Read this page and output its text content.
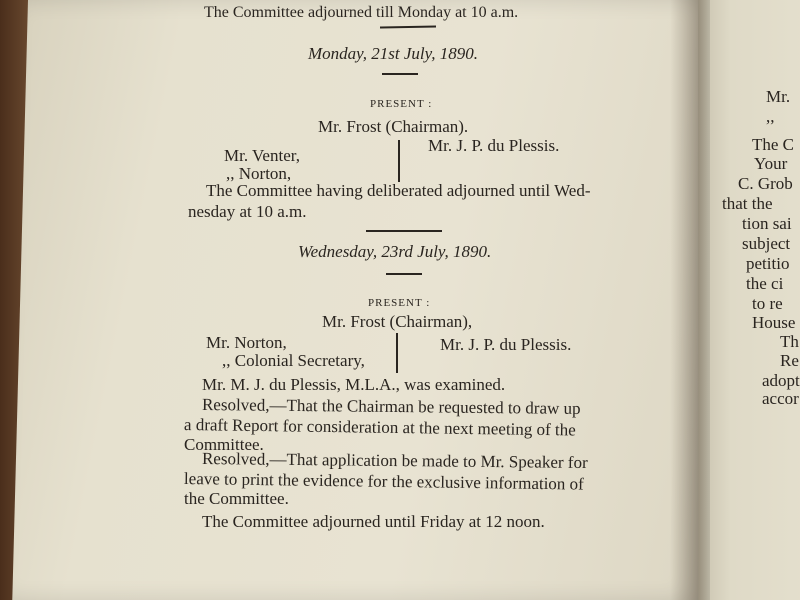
The Committee adjourned till Monday at 10 a.m.
Monday, 21st July, 1890.
PRESENT :
Mr. Frost (Chairman).
Mr. Venter,
,, Norton,
Mr. J. P. du Plessis.
The Committee having deliberated adjourned until Wed-
nesday at 10 a.m.
Wednesday, 23rd July, 1890.
PRESENT :
Mr. Frost (Chairman),
Mr. Norton,
,, Colonial Secretary,
Mr. J. P. du Plessis.
Mr. M. J. du Plessis, M.L.A., was examined.
Resolved,—That the Chairman be requested to draw up
a draft Report for consideration at the next meeting of the
Committee.
Resolved,—That application be made to Mr. Speaker for
leave to print the evidence for the exclusive information of
the Committee.
The Committee adjourned until Friday at 12 noon.
Mr.
,,
The C
Your
C. Grob
that the
tion sai
subject
petitio
the ci
to re
House
Th
Re
adopt
accor
